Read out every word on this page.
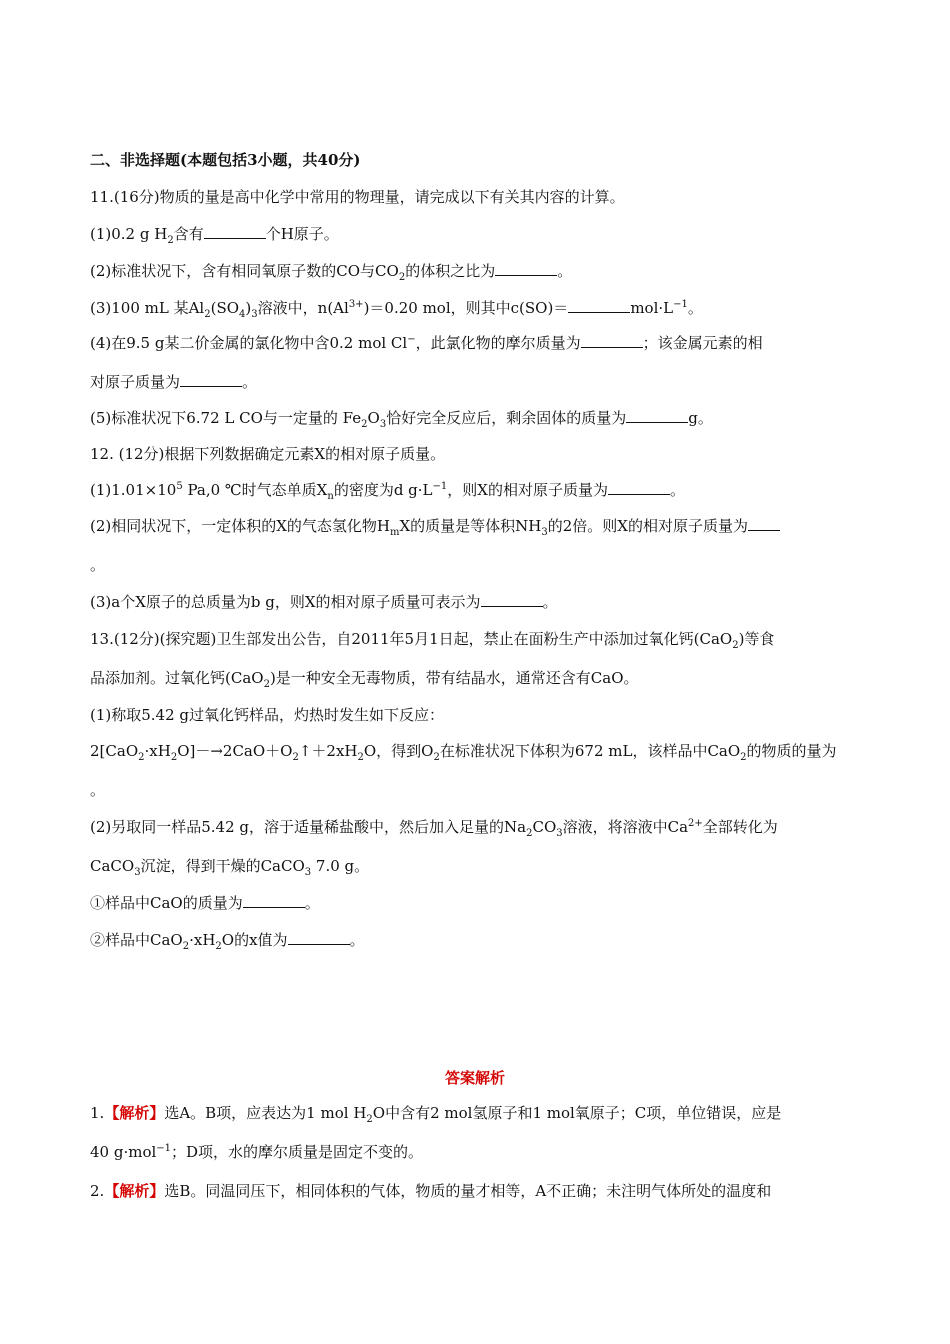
二、非选择题(本题包括3小题，共40分)
11.(16分)物质的量是高中化学中常用的物理量，请完成以下有关其内容的计算。
(1)0.2 g $H_2$含有	个H原子。
(2)标准状况下，含有相同氧原子数的CO与$CO_2$的体积之比为	。
(3)100 mL 某$Al_2(SO_4)_3$溶液中，$n(Al^{3+})=0.20$ mol，则其中c(SO)＝	$mol\cdot L^{-1}$。
(4)在9.5 g某二价金属的氯化物中含0.2 mol Cl−，此氯化物的摩尔质量为	；该金属元素的相
对原子质量为	。
(5)标准状况下6.72 L CO与一定量的 $Fe_2O_3$恰好完全反应后，剩余固体的质量为	g。
12. (12分)根据下列数据确定元素X的相对原子质量。
$(1)1.01\times 10^5$ Pa,0 ℃时气态单质$X_n$的密度为d $g\cdot L^{-1}$，则X的相对原子质量为	。
(2)相同状况下，一定体积的X的气态氢化物$H_mX$的质量是等体积$NH_3$的2倍。则X的相对原子质量为
。
(3)a个X原子的总质量为b g，则X的相对原子质量可表示为	。
13.(12分)(探究题)卫生部发出公告，自2011年5月1日起，禁止在面粉生产中添加过氧化钙(CaO$_2$)等食
品添加剂。过氧化钙(CaO$_2$)是一种安全无毒物质，带有结晶水，通常还含有CaO。
(1)称取5.42 g过氧化钙样品，灼热时发生如下反应：
$2[CaO_2\cdot xH_2O]-\to 2CaO+O_2↑+2xH_2O$，得到$O_2$在标准状况下体积为672 mL，该样品中CaO$_2$的物质的量为
。
(2)另取同一样品5.42 g，溶于适量稀盐酸中，然后加入足量的$Na_2CO_3$溶液，将溶液中$Ca^{2+}$全部转化为
CaCO$_3$沉淀，得到干燥的CaCO$_3$ 7.0 g。
①样品中CaO的质量为	。
②样品中$CaO_2\cdot xH_2O$的x值为	。
答案解析
1.【解析】选A。B项，应表达为1 mol $H_2O$中含有2 mol氢原子和1 mol氧原子；C项，单位错误，应是
40 g·mol$^{-1}$；D项，水的摩尔质量是固定不变的。
2.【解析】选B。同温同压下，相同体积的气体，物质的量才相等，A不正确；未注明气体所处的温度和
